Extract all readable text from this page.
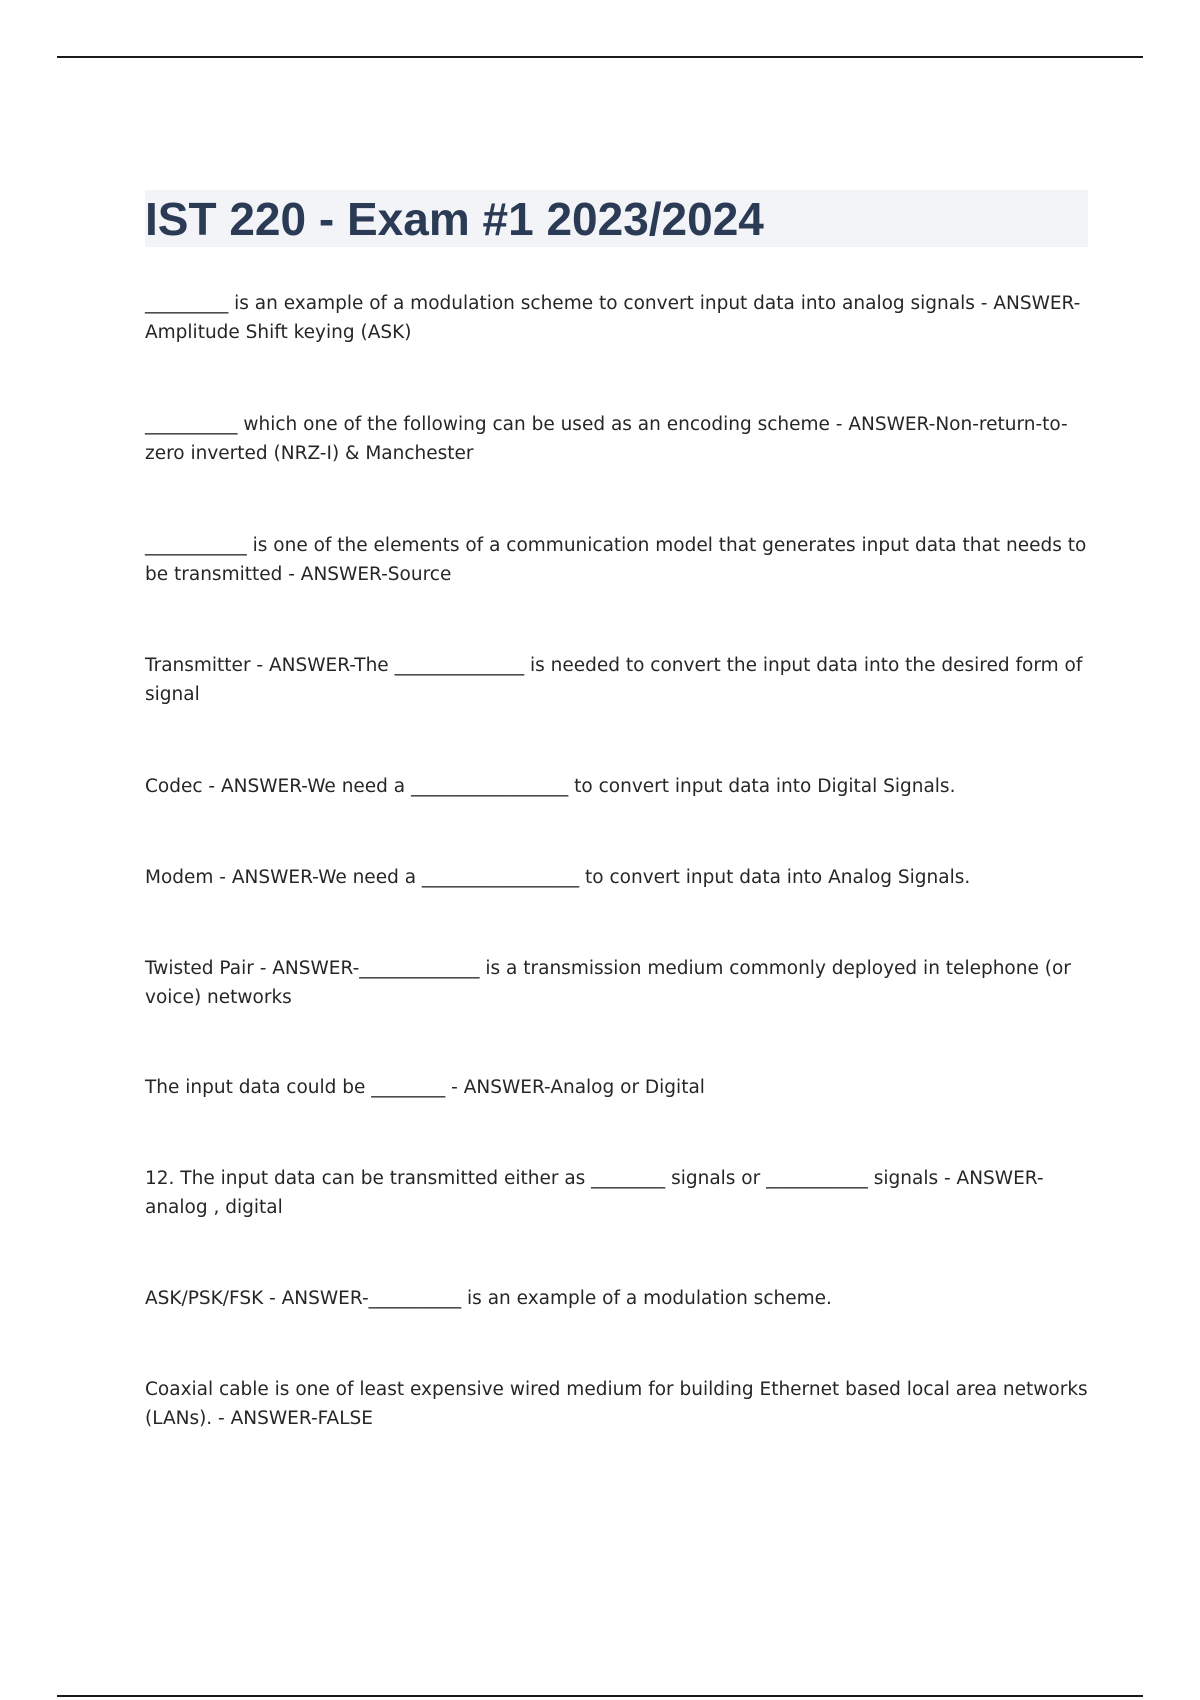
IST 220 - Exam #1 2023/2024

_________ is an example of a modulation scheme to convert input data into analog signals - ANSWER-Amplitude Shift keying (ASK)

__________ which one of the following can be used as an encoding scheme - ANSWER-Non-return-to-zero inverted (NRZ-I) & Manchester

___________ is one of the elements of a communication model that generates input data that needs to be transmitted - ANSWER-Source

Transmitter - ANSWER-The ______________ is needed to convert the input data into the desired form of signal

Codec - ANSWER-We need a _________________ to convert input data into Digital Signals.

Modem - ANSWER-We need a _________________ to convert input data into Analog Signals.

Twisted Pair - ANSWER-_____________ is a transmission medium commonly deployed in telephone (or voice) networks

The input data could be ________ - ANSWER-Analog or Digital

12. The input data can be transmitted either as ________ signals or ___________ signals - ANSWER-analog , digital

ASK/PSK/FSK - ANSWER-__________ is an example of a modulation scheme.

Coaxial cable is one of least expensive wired medium for building Ethernet based local area networks (LANs). - ANSWER-FALSE
